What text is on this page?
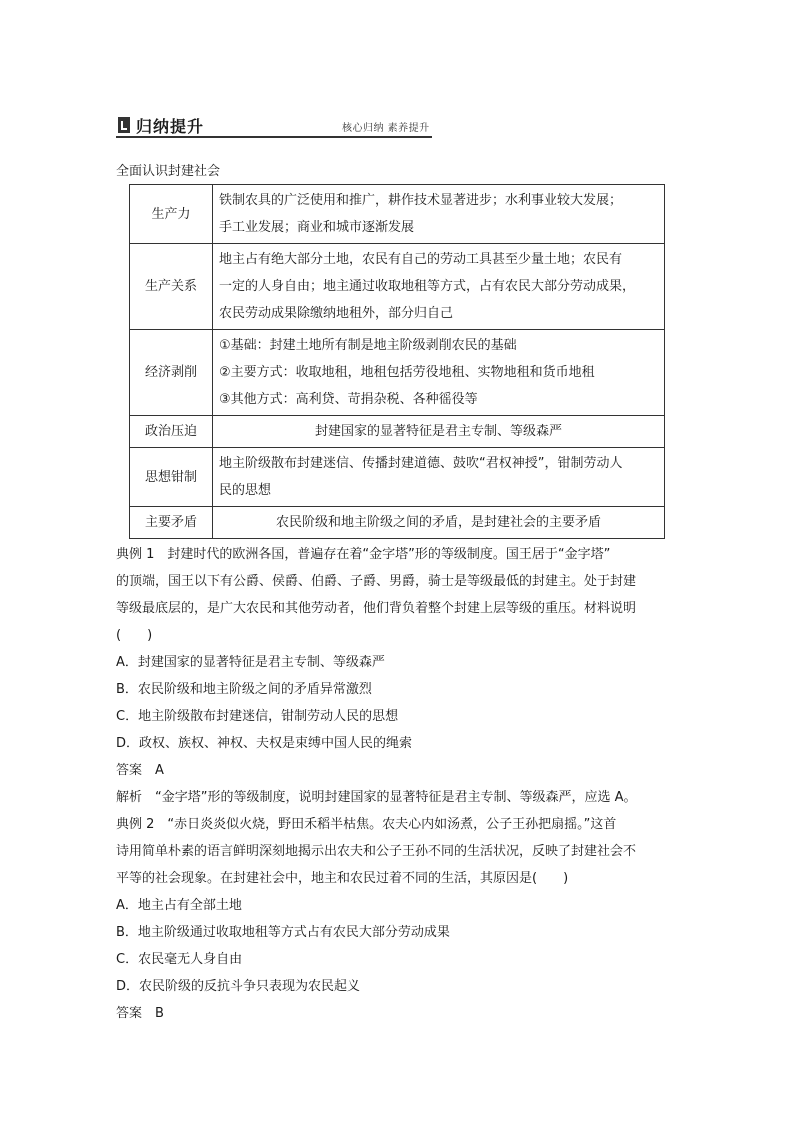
归纳提升	核心归纳 素养提升
全面认识封建社会
生产力	铁制农具的广泛使用和推广，耕作技术显著进步；水利事业较大发展；
手工业发展；商业和城市逐渐发展

生产关系	地主占有绝大部分土地，农民有自己的劳动工具甚至少量土地；农民有
一定的人身自由；地主通过收取地租等方式，占有农民大部分劳动成果，
农民劳动成果除缴纳地租外，部分归自己

经济剥削	①基础：封建土地所有制是地主阶级剥削农民的基础
②主要方式：收取地租，地租包括劳役地租、实物地租和货币地租
③其他方式：高利贷、苛捐杂税、各种徭役等

政治压迫	封建国家的显著特征是君主专制、等级森严

思想钳制	地主阶级散布封建迷信、传播封建道德、鼓吹“君权神授”，钳制劳动人
民的思想

主要矛盾	农民阶级和地主阶级之间的矛盾，是封建社会的主要矛盾

典例 1　封建时代的欧洲各国，普遍存在着“金字塔”形的等级制度。国王居于“金字塔”

的顶端，国王以下有公爵、侯爵、伯爵、子爵、男爵，骑士是等级最低的封建主。处于封建

等级最底层的，是广大农民和其他劳动者，他们背负着整个封建上层等级的重压。材料说明

(　　)

A．封建国家的显著特征是君主专制、等级森严

B．农民阶级和地主阶级之间的矛盾异常激烈

C．地主阶级散布封建迷信，钳制劳动人民的思想

D．政权、族权、神权、夫权是束缚中国人民的绳索

答案　A

解析　“金字塔”形的等级制度，说明封建国家的显著特征是君主专制、等级森严，应选 A。

典例 2　“赤日炎炎似火烧，野田禾稻半枯焦。农夫心内如汤煮，公子王孙把扇摇。”这首

诗用简单朴素的语言鲜明深刻地揭示出农夫和公子王孙不同的生活状况，反映了封建社会不

平等的社会现象。在封建社会中，地主和农民过着不同的生活，其原因是(　　)

A．地主占有全部土地

B．地主阶级通过收取地租等方式占有农民大部分劳动成果

C．农民毫无人身自由

D．农民阶级的反抗斗争只表现为农民起义

答案　B
